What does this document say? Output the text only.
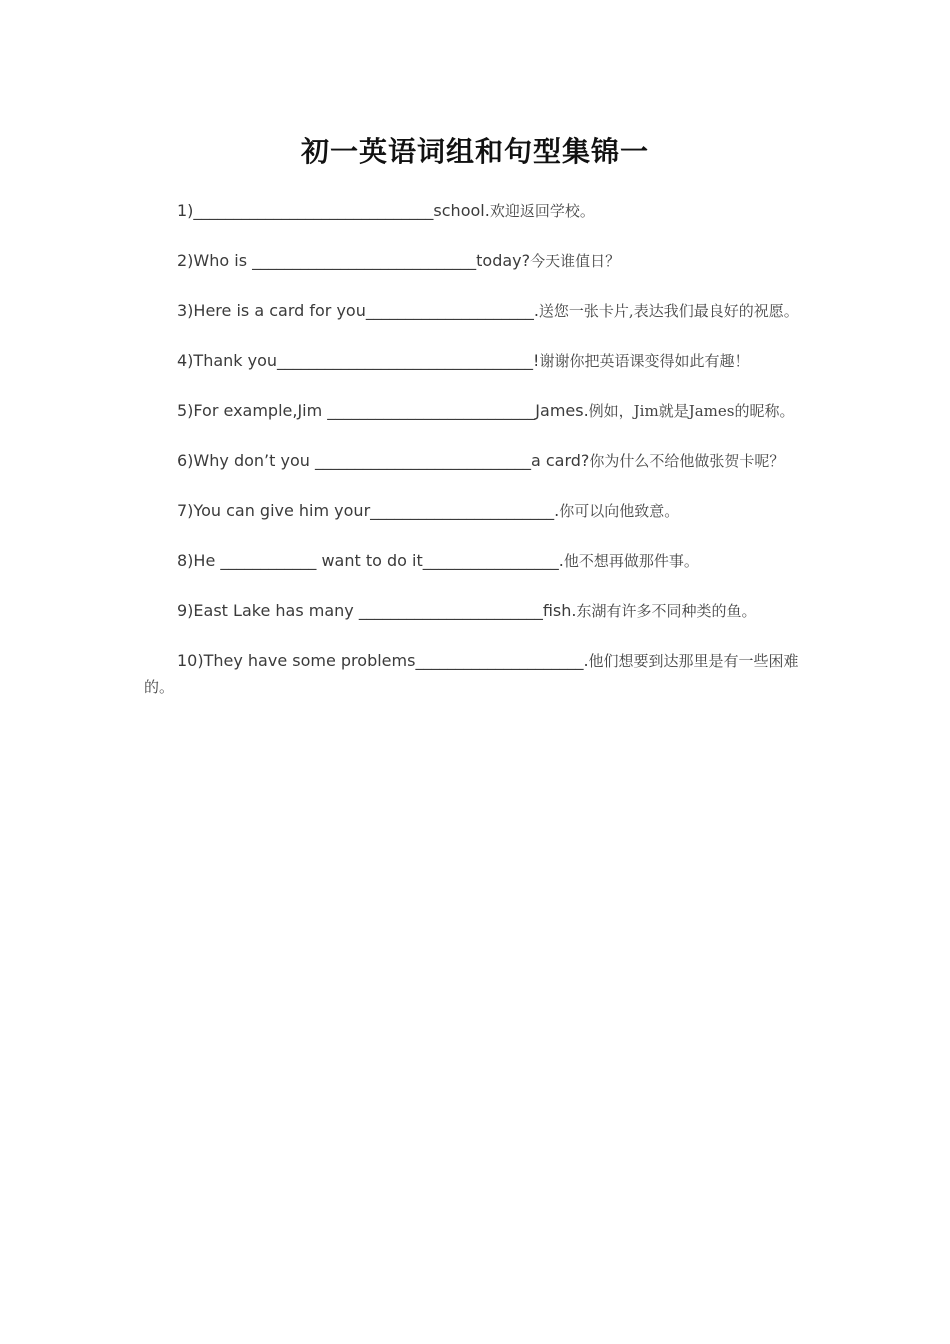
初一英语词组和句型集锦一

1)______________________________school.欢迎返回学校。

2)Who is ____________________________today?今天谁值日？

3)Here is a card for you_____________________.送您一张卡片,表达我们最良好的祝愿。

4)Thank you________________________________!谢谢你把英语课变得如此有趣！

5)For example,Jim __________________________James.例如，Jim就是James的昵称。

6)Why don’t you ___________________________a card?你为什么不给他做张贺卡呢？

7)You can give him your_______________________.你可以向他致意。

8)He ____________ want to do it_________________.他不想再做那件事。

9)East Lake has many _______________________fish.东湖有许多不同种类的鱼。

10)They have some problems_____________________.他们想要到达那里是有一些困难的。
